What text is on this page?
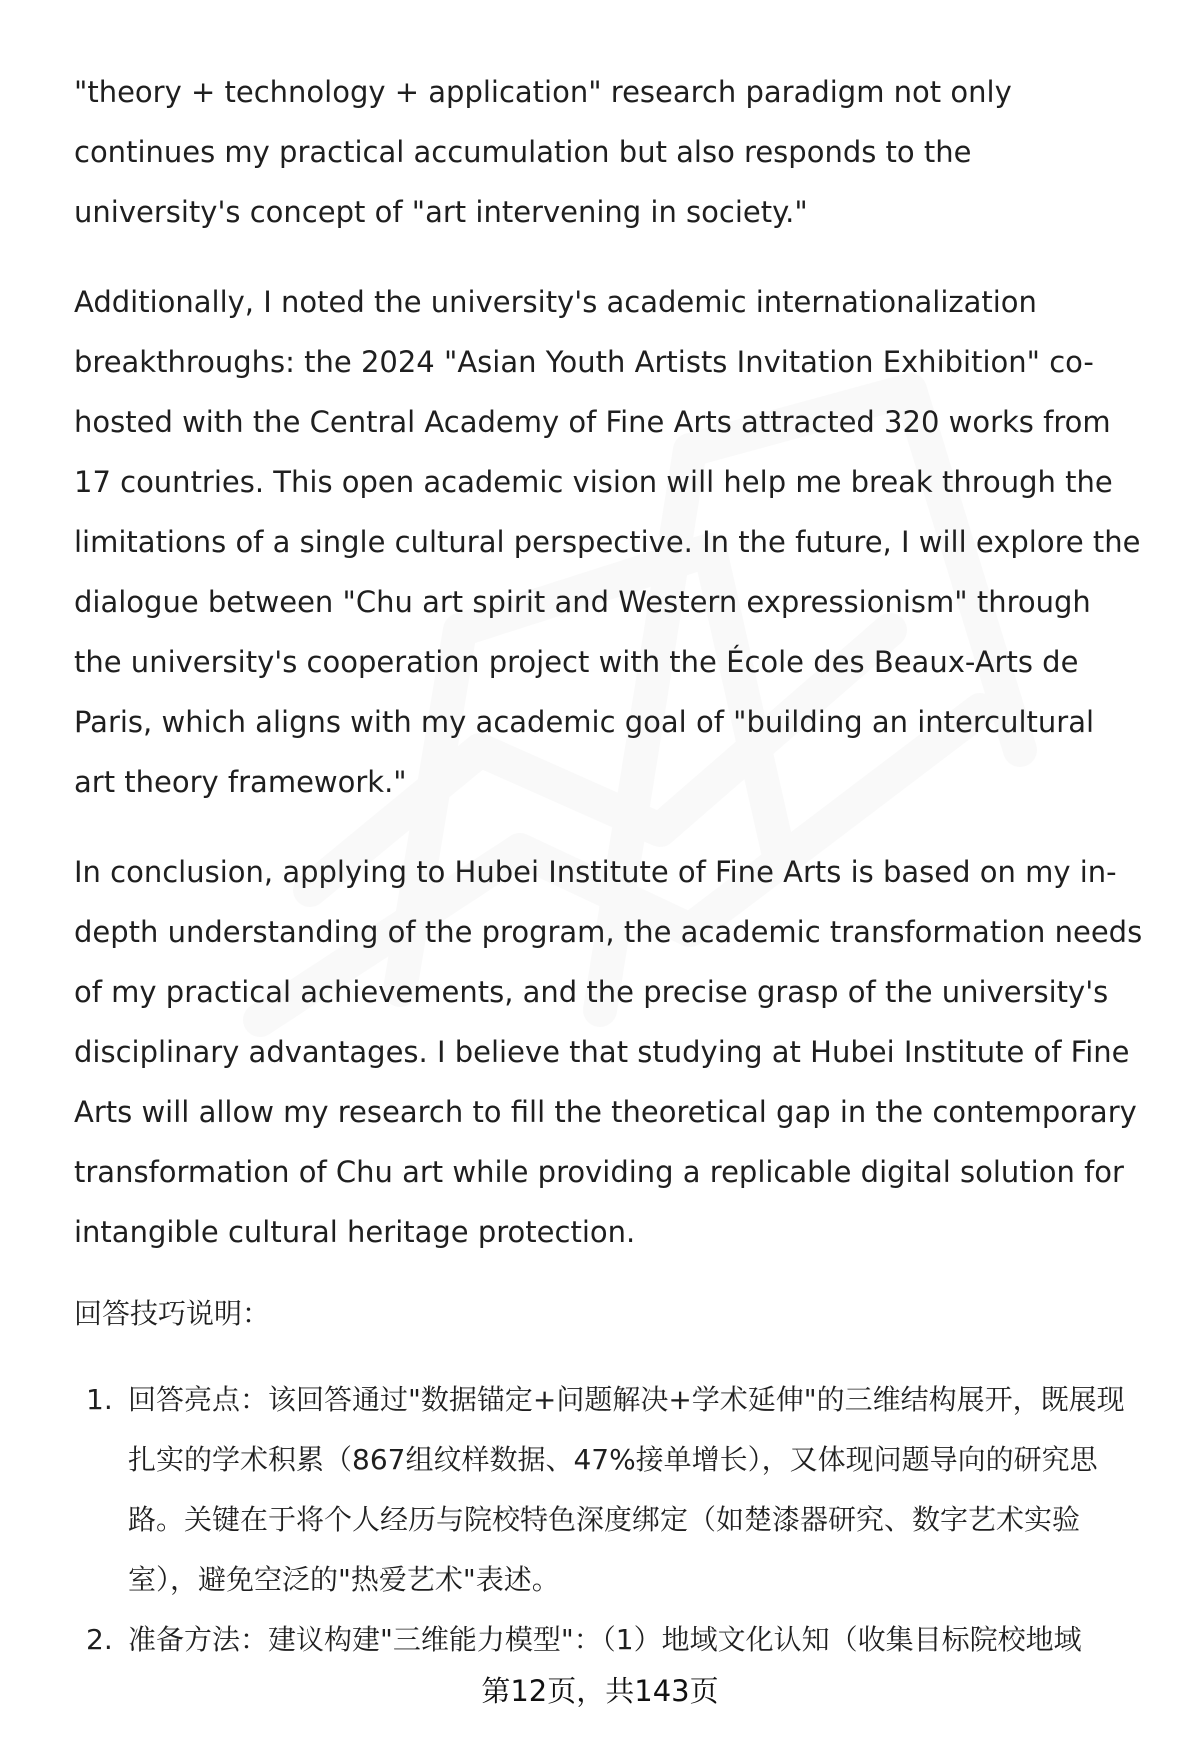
"theory + technology + application" research paradigm not only continues my practical accumulation but also responds to the university's concept of "art intervening in society."

Additionally, I noted the university's academic internationalization breakthroughs: the 2024 "Asian Youth Artists Invitation Exhibition" co-hosted with the Central Academy of Fine Arts attracted 320 works from 17 countries. This open academic vision will help me break through the limitations of a single cultural perspective. In the future, I will explore the dialogue between "Chu art spirit and Western expressionism" through the university's cooperation project with the École des Beaux-Arts de Paris, which aligns with my academic goal of "building an intercultural art theory framework."

In conclusion, applying to Hubei Institute of Fine Arts is based on my in-depth understanding of the program, the academic transformation needs of my practical achievements, and the precise grasp of the university's disciplinary advantages. I believe that studying at Hubei Institute of Fine Arts will allow my research to fill the theoretical gap in the contemporary transformation of Chu art while providing a replicable digital solution for intangible cultural heritage protection.

回答技巧说明：
1. 回答亮点：该回答通过"数据锚定+问题解决+学术延伸"的三维结构展开，既展现扎实的学术积累（867组纹样数据、47%接单增长），又体现问题导向的研究思路。关键在于将个人经历与院校特色深度绑定（如楚漆器研究、数字艺术实验室），避免空泛的"热爱艺术"表述。
2. 准备方法：建议构建"三维能力模型"：（1）地域文化认知（收集目标院校地域
第12页，共143页
